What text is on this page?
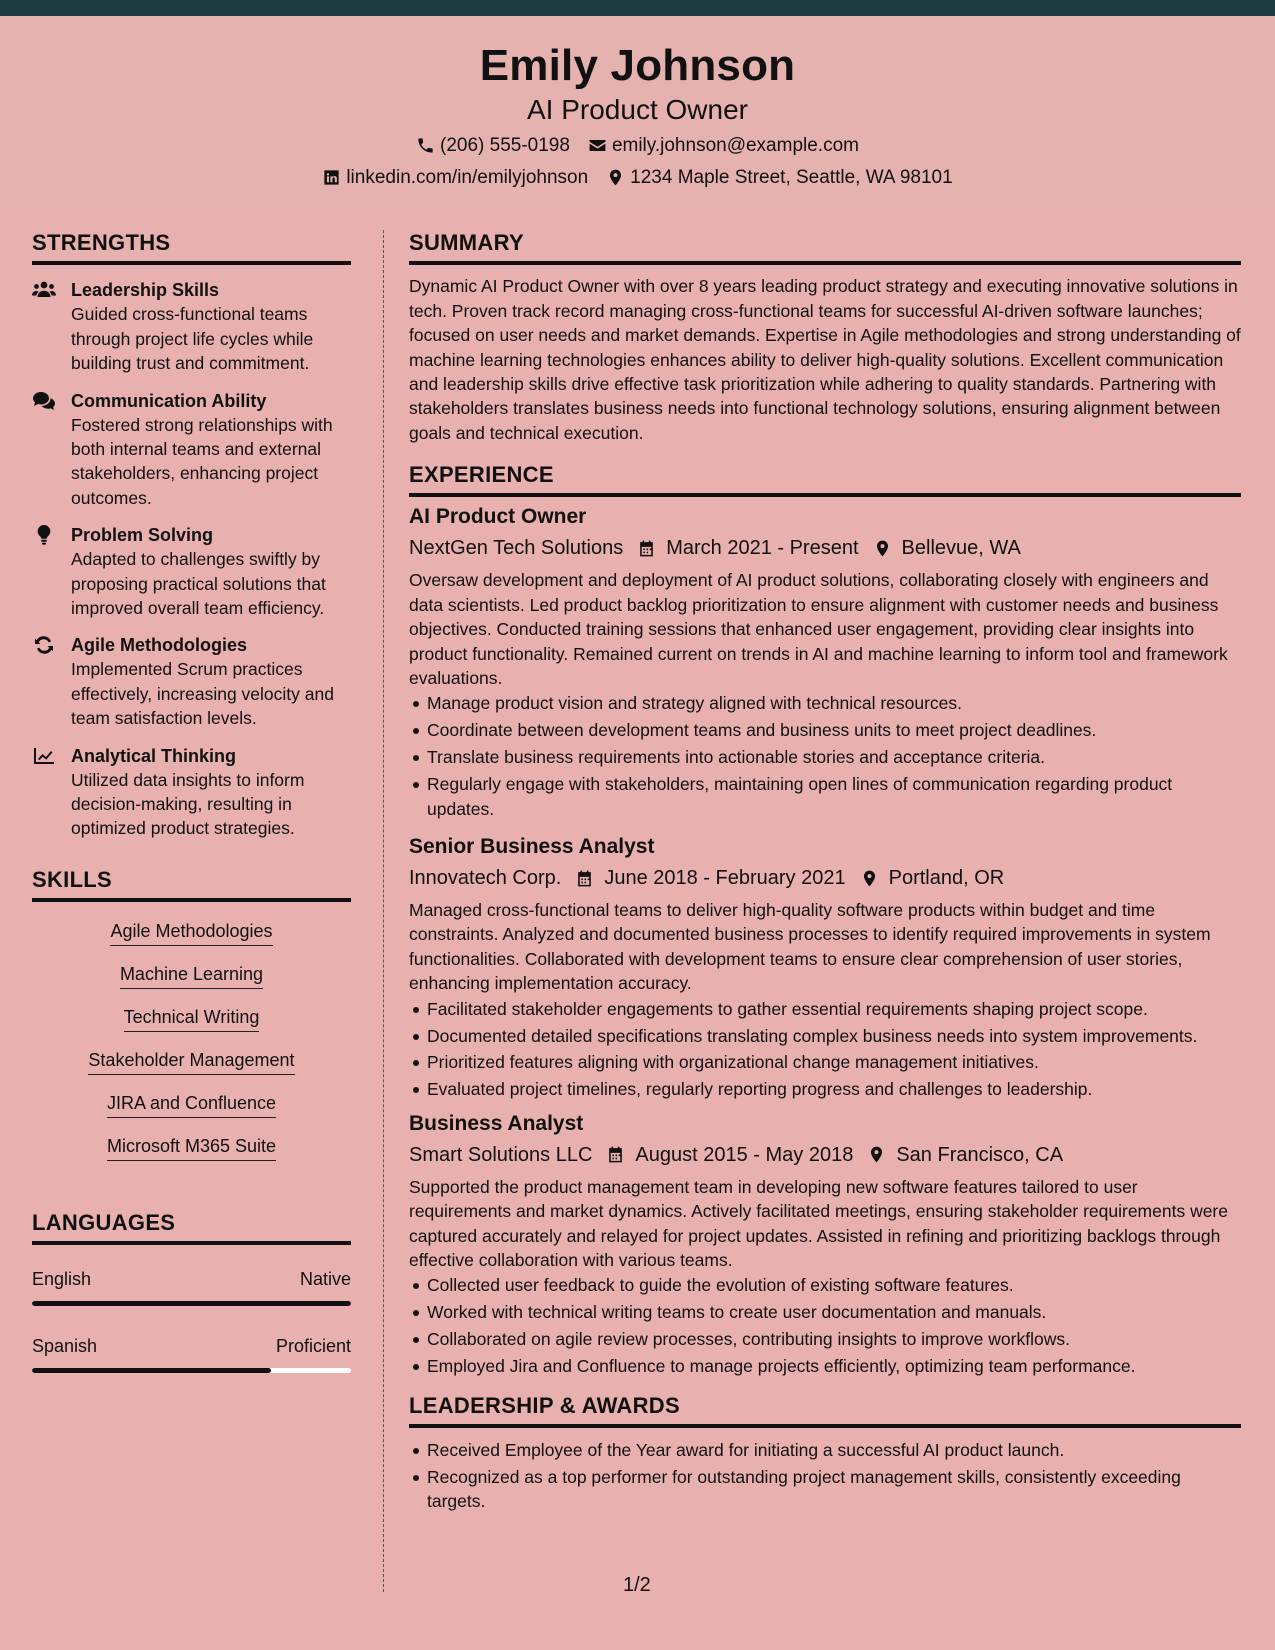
Emily Johnson
AI Product Owner
(206) 555-0198 emily.johnson@example.com
linkedin.com/in/emilyjohnson 1234 Maple Street, Seattle, WA 98101
STRENGTHS
Leadership Skills
Guided cross-functional teams through project life cycles while building trust and commitment.
Communication Ability
Fostered strong relationships with both internal teams and external stakeholders, enhancing project outcomes.
Problem Solving
Adapted to challenges swiftly by proposing practical solutions that improved overall team efficiency.
Agile Methodologies
Implemented Scrum practices effectively, increasing velocity and team satisfaction levels.
Analytical Thinking
Utilized data insights to inform decision-making, resulting in optimized product strategies.
SKILLS
Agile Methodologies
Machine Learning
Technical Writing
Stakeholder Management
JIRA and Confluence
Microsoft M365 Suite
LANGUAGES
English	Native
Spanish	Proficient
SUMMARY
Dynamic AI Product Owner with over 8 years leading product strategy and executing innovative solutions in tech. Proven track record managing cross-functional teams for successful AI-driven software launches; focused on user needs and market demands. Expertise in Agile methodologies and strong understanding of machine learning technologies enhances ability to deliver high-quality solutions. Excellent communication and leadership skills drive effective task prioritization while adhering to quality standards. Partnering with stakeholders translates business needs into functional technology solutions, ensuring alignment between goals and technical execution.
EXPERIENCE
AI Product Owner
NextGen Tech Solutions March 2021 - Present Bellevue, WA
Oversaw development and deployment of AI product solutions, collaborating closely with engineers and data scientists. Led product backlog prioritization to ensure alignment with customer needs and business objectives. Conducted training sessions that enhanced user engagement, providing clear insights into product functionality. Remained current on trends in AI and machine learning to inform tool and framework evaluations.
Manage product vision and strategy aligned with technical resources.
Coordinate between development teams and business units to meet project deadlines.
Translate business requirements into actionable stories and acceptance criteria.
Regularly engage with stakeholders, maintaining open lines of communication regarding product updates.
Senior Business Analyst
Innovatech Corp. June 2018 - February 2021 Portland, OR
Managed cross-functional teams to deliver high-quality software products within budget and time constraints. Analyzed and documented business processes to identify required improvements in system functionalities. Collaborated with development teams to ensure clear comprehension of user stories, enhancing implementation accuracy.
Facilitated stakeholder engagements to gather essential requirements shaping project scope.
Documented detailed specifications translating complex business needs into system improvements.
Prioritized features aligning with organizational change management initiatives.
Evaluated project timelines, regularly reporting progress and challenges to leadership.
Business Analyst
Smart Solutions LLC August 2015 - May 2018 San Francisco, CA
Supported the product management team in developing new software features tailored to user requirements and market dynamics. Actively facilitated meetings, ensuring stakeholder requirements were captured accurately and relayed for project updates. Assisted in refining and prioritizing backlogs through effective collaboration with various teams.
Collected user feedback to guide the evolution of existing software features.
Worked with technical writing teams to create user documentation and manuals.
Collaborated on agile review processes, contributing insights to improve workflows.
Employed Jira and Confluence to manage projects efficiently, optimizing team performance.
LEADERSHIP & AWARDS
Received Employee of the Year award for initiating a successful AI product launch.
Recognized as a top performer for outstanding project management skills, consistently exceeding targets.
1/2
